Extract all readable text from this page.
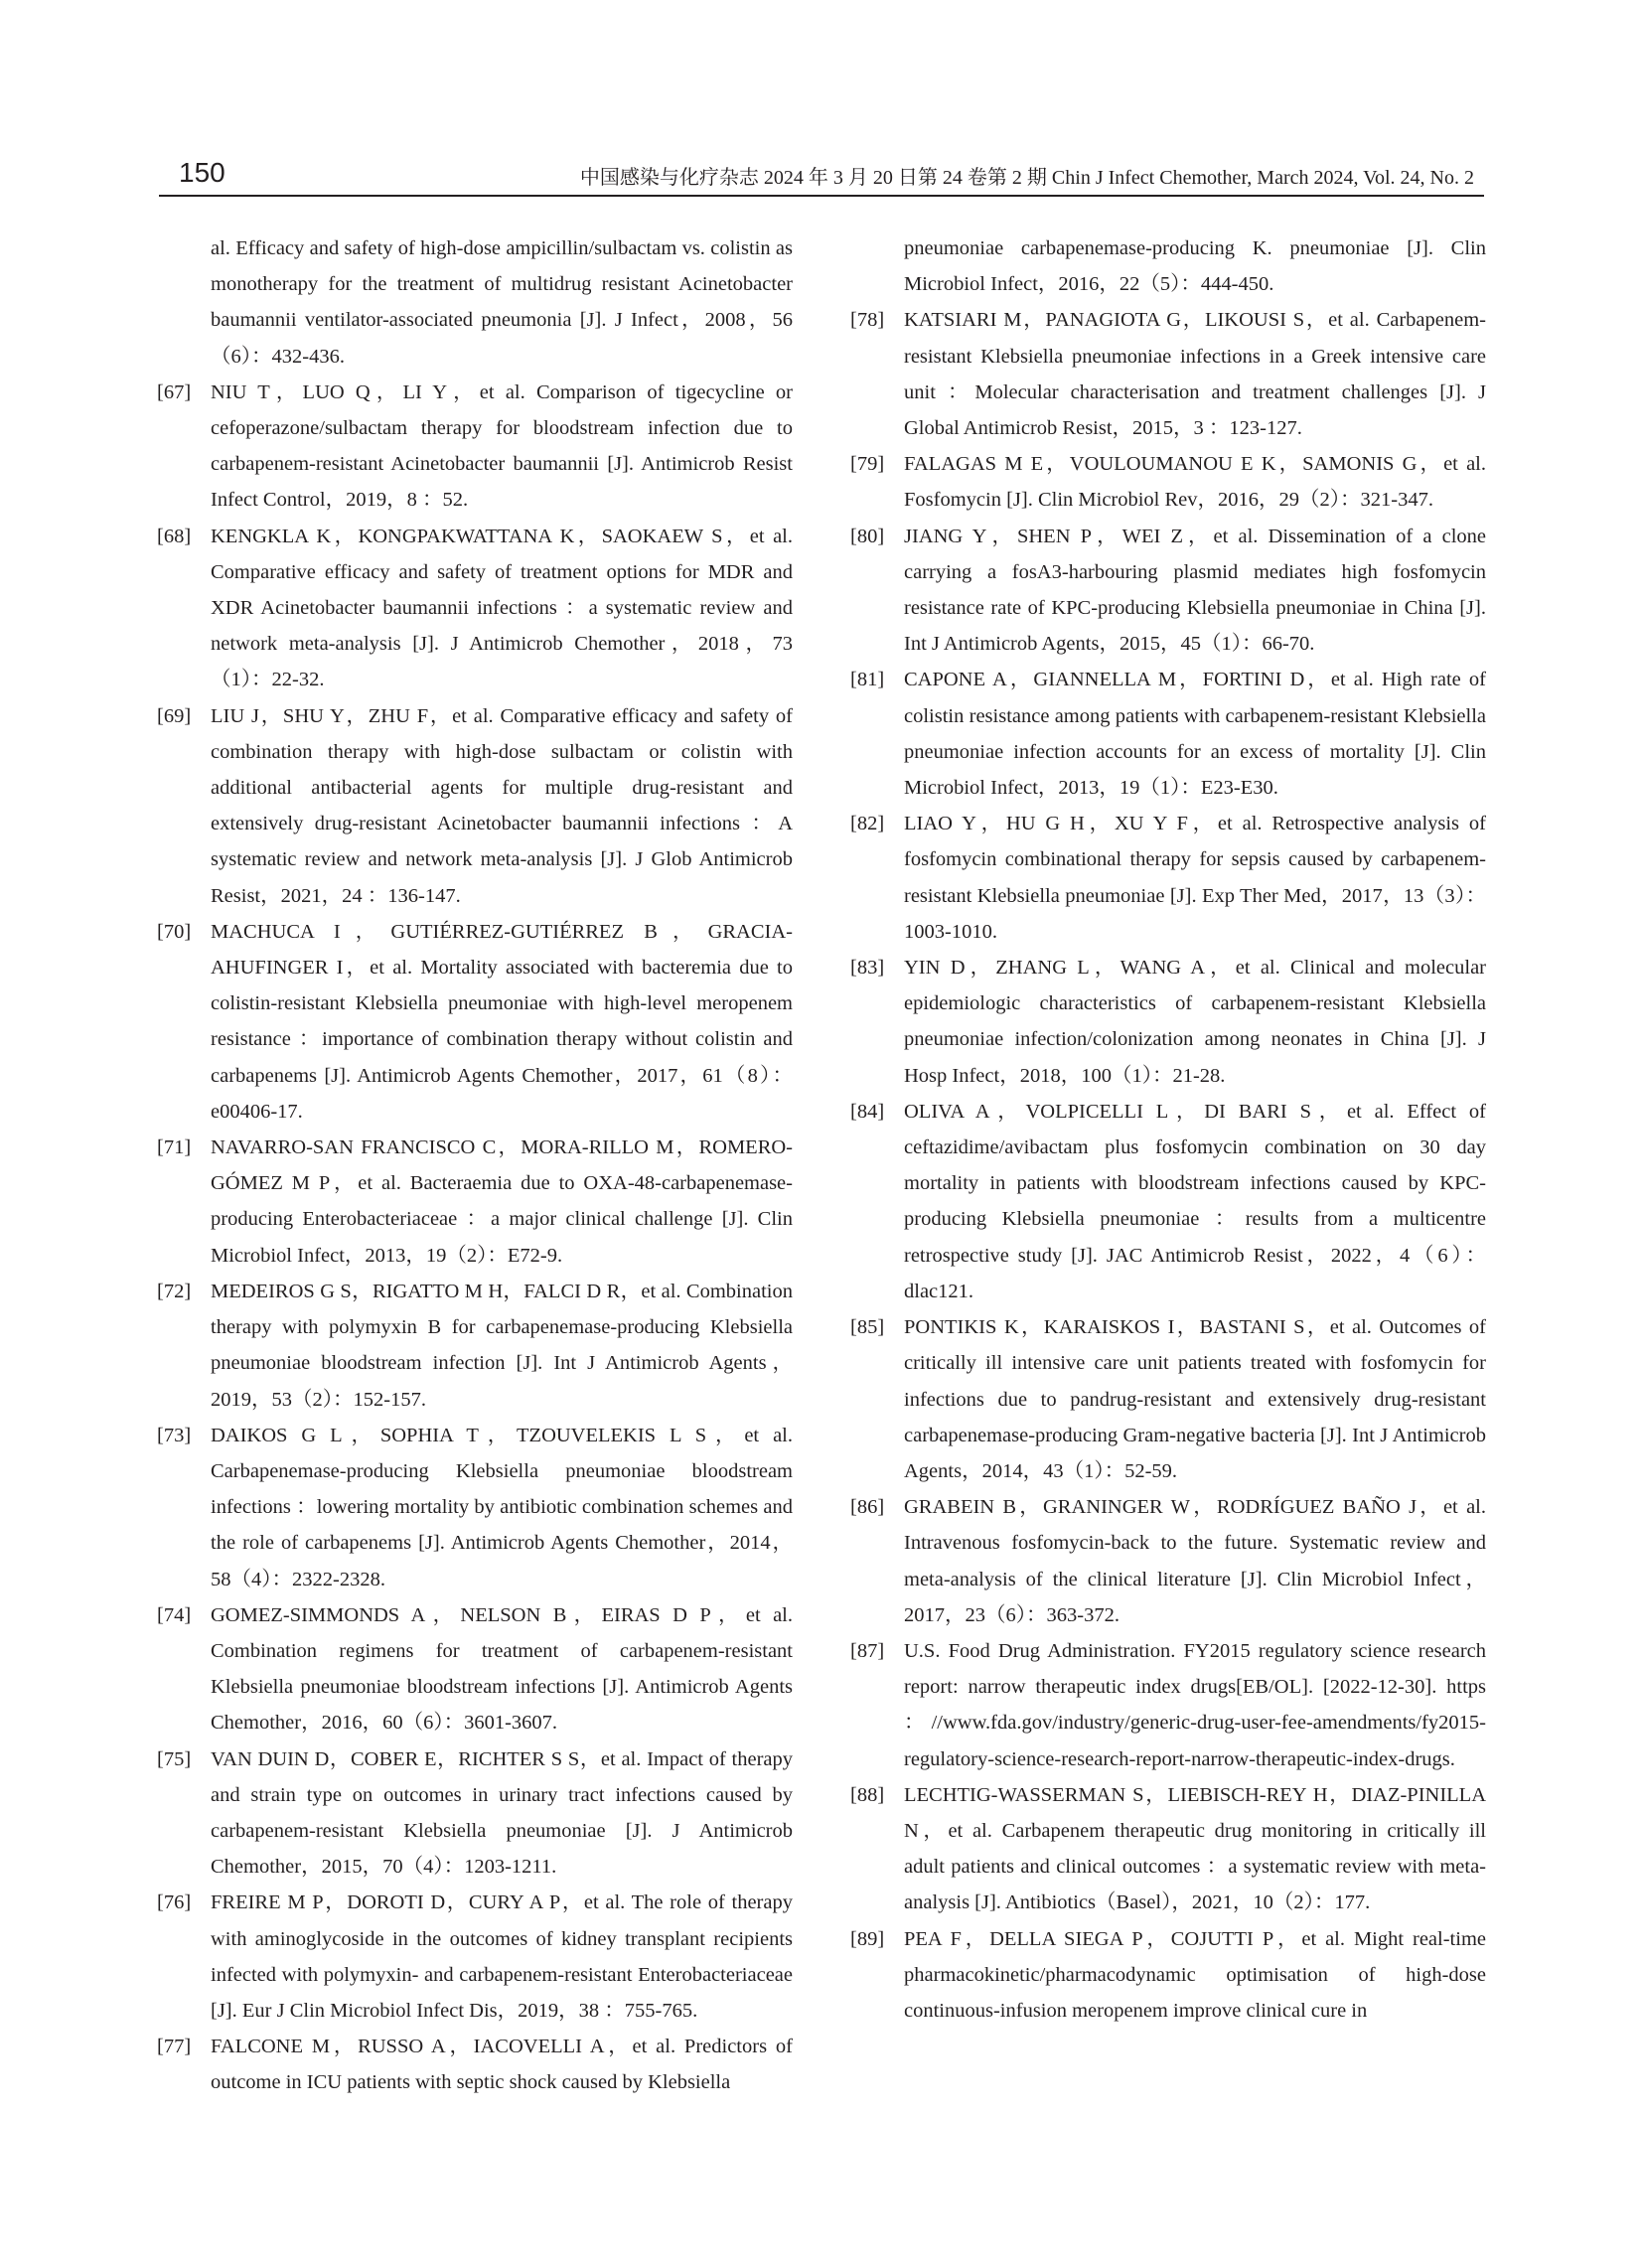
150	中国感染与化疗杂志 2024 年 3 月 20 日第 24 卷第 2 期 Chin J Infect Chemother, March 2024, Vol. 24, No. 2
al. Efficacy and safety of high-dose ampicillin/sulbactam vs. colistin as monotherapy for the treatment of multidrug resistant Acinetobacter baumannii ventilator-associated pneumonia [J]. J Infect，2008，56（6）：432-436.
[67] NIU T，LUO Q，LI Y，et al. Comparison of tigecycline or cefoperazone/sulbactam therapy for bloodstream infection due to carbapenem-resistant Acinetobacter baumannii [J]. Antimicrob Resist Infect Control，2019，8 ：52.
[68] KENGKLA K，KONGPAKWATTANA K，SAOKAEW S，et al. Comparative efficacy and safety of treatment options for MDR and XDR Acinetobacter baumannii infections ：a systematic review and network meta-analysis [J]. J Antimicrob Chemother，2018，73（1）：22-32.
[69] LIU J，SHU Y，ZHU F，et al. Comparative efficacy and safety of combination therapy with high-dose sulbactam or colistin with additional antibacterial agents for multiple drug-resistant and extensively drug-resistant Acinetobacter baumannii infections ：A systematic review and network meta-analysis [J]. J Glob Antimicrob Resist，2021，24 ：136-147.
[70] MACHUCA I，GUTIÉRREZ-GUTIÉRREZ B，GRACIA-AHUFINGER I，et al. Mortality associated with bacteremia due to colistin-resistant Klebsiella pneumoniae with high-level meropenem resistance ：importance of combination therapy without colistin and carbapenems [J]. Antimicrob Agents Chemother，2017，61（8）：e00406-17.
[71] NAVARRO-SAN FRANCISCO C，MORA-RILLO M，ROMERO-GÓMEZ M P，et al. Bacteraemia due to OXA-48-carbapenemase-producing Enterobacteriaceae ：a major clinical challenge [J]. Clin Microbiol Infect，2013，19（2）：E72-9.
[72] MEDEIROS G S，RIGATTO M H，FALCI D R，et al. Combination therapy with polymyxin B for carbapenemase-producing Klebsiella pneumoniae bloodstream infection [J]. Int J Antimicrob Agents，2019，53（2）：152-157.
[73] DAIKOS G L，SOPHIA T，TZOUVELEKIS L S，et al. Carbapenemase-producing Klebsiella pneumoniae bloodstream infections ：lowering mortality by antibiotic combination schemes and the role of carbapenems [J]. Antimicrob Agents Chemother，2014，58（4）：2322-2328.
[74] GOMEZ-SIMMONDS A，NELSON B，EIRAS D P，et al. Combination regimens for treatment of carbapenem-resistant Klebsiella pneumoniae bloodstream infections [J]. Antimicrob Agents Chemother，2016，60（6）：3601-3607.
[75] VAN DUIN D，COBER E，RICHTER S S，et al. Impact of therapy and strain type on outcomes in urinary tract infections caused by carbapenem-resistant Klebsiella pneumoniae [J]. J Antimicrob Chemother，2015，70（4）：1203-1211.
[76] FREIRE M P，DOROTI D，CURY A P，et al. The role of therapy with aminoglycoside in the outcomes of kidney transplant recipients infected with polymyxin- and carbapenem-resistant Enterobacteriaceae [J]. Eur J Clin Microbiol Infect Dis，2019，38 ：755-765.
[77] FALCONE M，RUSSO A，IACOVELLI A，et al. Predictors of outcome in ICU patients with septic shock caused by Klebsiella
pneumoniae carbapenemase-producing K. pneumoniae [J]. Clin Microbiol Infect，2016，22（5）：444-450.
[78] KATSIARI M，PANAGIOTA G，LIKOUSI S，et al. Carbapenem-resistant Klebsiella pneumoniae infections in a Greek intensive care unit ：Molecular characterisation and treatment challenges [J]. J Global Antimicrob Resist，2015，3 ：123-127.
[79] FALAGAS M E，VOULOUMANOU E K，SAMONIS G，et al. Fosfomycin [J]. Clin Microbiol Rev，2016，29（2）：321-347.
[80] JIANG Y，SHEN P，WEI Z，et al. Dissemination of a clone carrying a fosA3-harbouring plasmid mediates high fosfomycin resistance rate of KPC-producing Klebsiella pneumoniae in China [J]. Int J Antimicrob Agents，2015，45（1）：66-70.
[81] CAPONE A，GIANNELLA M，FORTINI D，et al. High rate of colistin resistance among patients with carbapenem-resistant Klebsiella pneumoniae infection accounts for an excess of mortality [J]. Clin Microbiol Infect，2013，19（1）：E23-E30.
[82] LIAO Y，HU G H，XU Y F，et al. Retrospective analysis of fosfomycin combinational therapy for sepsis caused by carbapenem-resistant Klebsiella pneumoniae [J]. Exp Ther Med，2017，13（3）：1003-1010.
[83] YIN D，ZHANG L，WANG A，et al. Clinical and molecular epidemiologic characteristics of carbapenem-resistant Klebsiella pneumoniae infection/colonization among neonates in China [J]. J Hosp Infect，2018，100（1）：21-28.
[84] OLIVA A，VOLPICELLI L，DI BARI S，et al. Effect of ceftazidime/avibactam plus fosfomycin combination on 30 day mortality in patients with bloodstream infections caused by KPC-producing Klebsiella pneumoniae ：results from a multicentre retrospective study [J]. JAC Antimicrob Resist，2022，4（6）：dlac121.
[85] PONTIKIS K，KARAISKOS I，BASTANI S，et al. Outcomes of critically ill intensive care unit patients treated with fosfomycin for infections due to pandrug-resistant and extensively drug-resistant carbapenemase-producing Gram-negative bacteria [J]. Int J Antimicrob Agents，2014，43（1）：52-59.
[86] GRABEIN B，GRANINGER W，RODRÍGUEZ BAÑO J，et al. Intravenous fosfomycin-back to the future. Systematic review and meta-analysis of the clinical literature [J]. Clin Microbiol Infect，2017，23（6）：363-372.
[87] U.S. Food Drug Administration. FY2015 regulatory science research report: narrow therapeutic index drugs[EB/OL]. [2022-12-30]. https ：//www.fda.gov/industry/generic-drug-user-fee-amendments/fy2015-regulatory-science-research-report-narrow-therapeutic-index-drugs.
[88] LECHTIG-WASSERMAN S，LIEBISCH-REY H，DIAZ-PINILLA N，et al. Carbapenem therapeutic drug monitoring in critically ill adult patients and clinical outcomes ：a systematic review with meta-analysis [J]. Antibiotics（Basel），2021，10（2）：177.
[89] PEA F，DELLA SIEGA P，COJUTTI P，et al. Might real-time pharmacokinetic/pharmacodynamic optimisation of high-dose continuous-infusion meropenem improve clinical cure in
